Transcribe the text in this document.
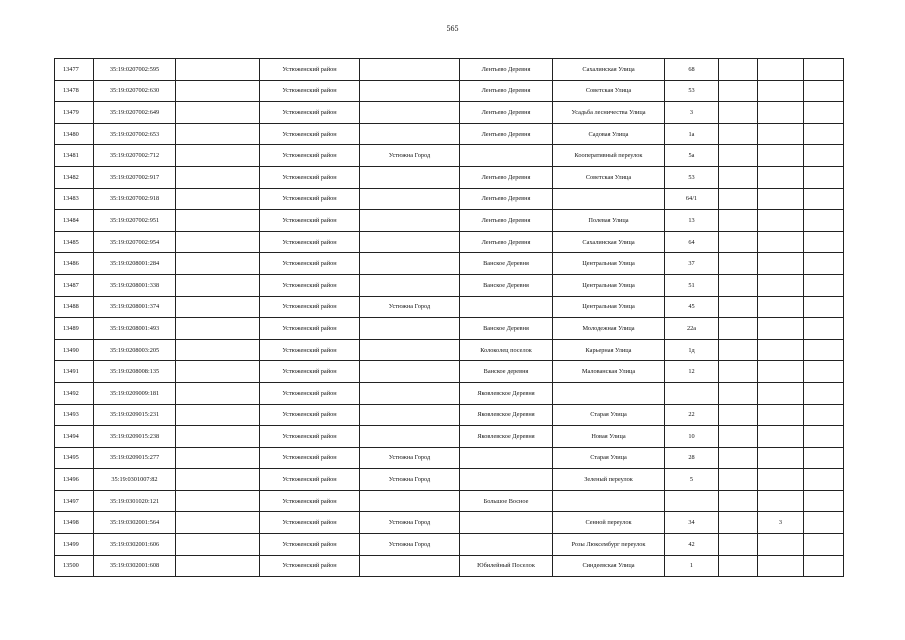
565
13477	35:19:0207002:595		Устюженский район		Лентьево Деревня	Сахалинская Улица	68			
13478	35:19:0207002:630		Устюженский район		Лентьево Деревня	Советская Улица	53			
13479	35:19:0207002:649		Устюженский район		Лентьево Деревня	Усадьба лесничества Улица	3			
13480	35:19:0207002:653		Устюженский район		Лентьево Деревня	Садовая Улица	1а			
13481	35:19:0207002:712		Устюженский район	Устюжна Город		Кооперативный переулок	5а			
13482	35:19:0207002:917		Устюженский район		Лентьево Деревня	Советская Улица	53			
13483	35:19:0207002:918		Устюженский район		Лентьево Деревня		64/1			
13484	35:19:0207002:951		Устюженский район		Лентьево Деревня	Полевая Улица	13			
13485	35:19:0207002:954		Устюженский район		Лентьево Деревня	Сахалинская Улица	64			
13486	35:19:0208001:284		Устюженский район		Ванское Деревня	Центральная Улица	37			
13487	35:19:0208001:338		Устюженский район		Ванское Деревня	Центральная Улица	51			
13488	35:19:0208001:374		Устюженский район	Устюжна Город		Центральная Улица	45			
13489	35:19:0208001:493		Устюженский район		Ванское Деревня	Молодежная Улица	22а			
13490	35:19:0208003:205		Устюженский район		Колоколец поселок	Карьерная Улица	1д			
13491	35:19:0208008:135		Устюженский район		Ванское деревня	Малованская Улица	12			
13492	35:19:0209009:181		Устюженский район		Яковлевское Деревня					
13493	35:19:0209015:231		Устюженский район		Яковлевское Деревня	Старая Улица	22			
13494	35:19:0209015:238		Устюженский район		Яковлевское Деревня	Новая Улица	10			
13495	35:19:0209015:277		Устюженский район	Устюжна Город		Старая Улица	28			
13496	35:19:0301007:82		Устюженский район	Устюжна Город		Зеленый переулок	5			
13497	35:19:0301020:121		Устюженский район		Большое Восное					
13498	35:19:0302001:564		Устюженский район	Устюжна Город		Сенной переулок	34		3	
13499	35:19:0302001:606		Устюженский район	Устюжна Город		Розы Люксембург переулок	42			
13500	35:19:0302001:608		Устюженский район		Юбилейный Поселок	Синдеевская Улица	1			
